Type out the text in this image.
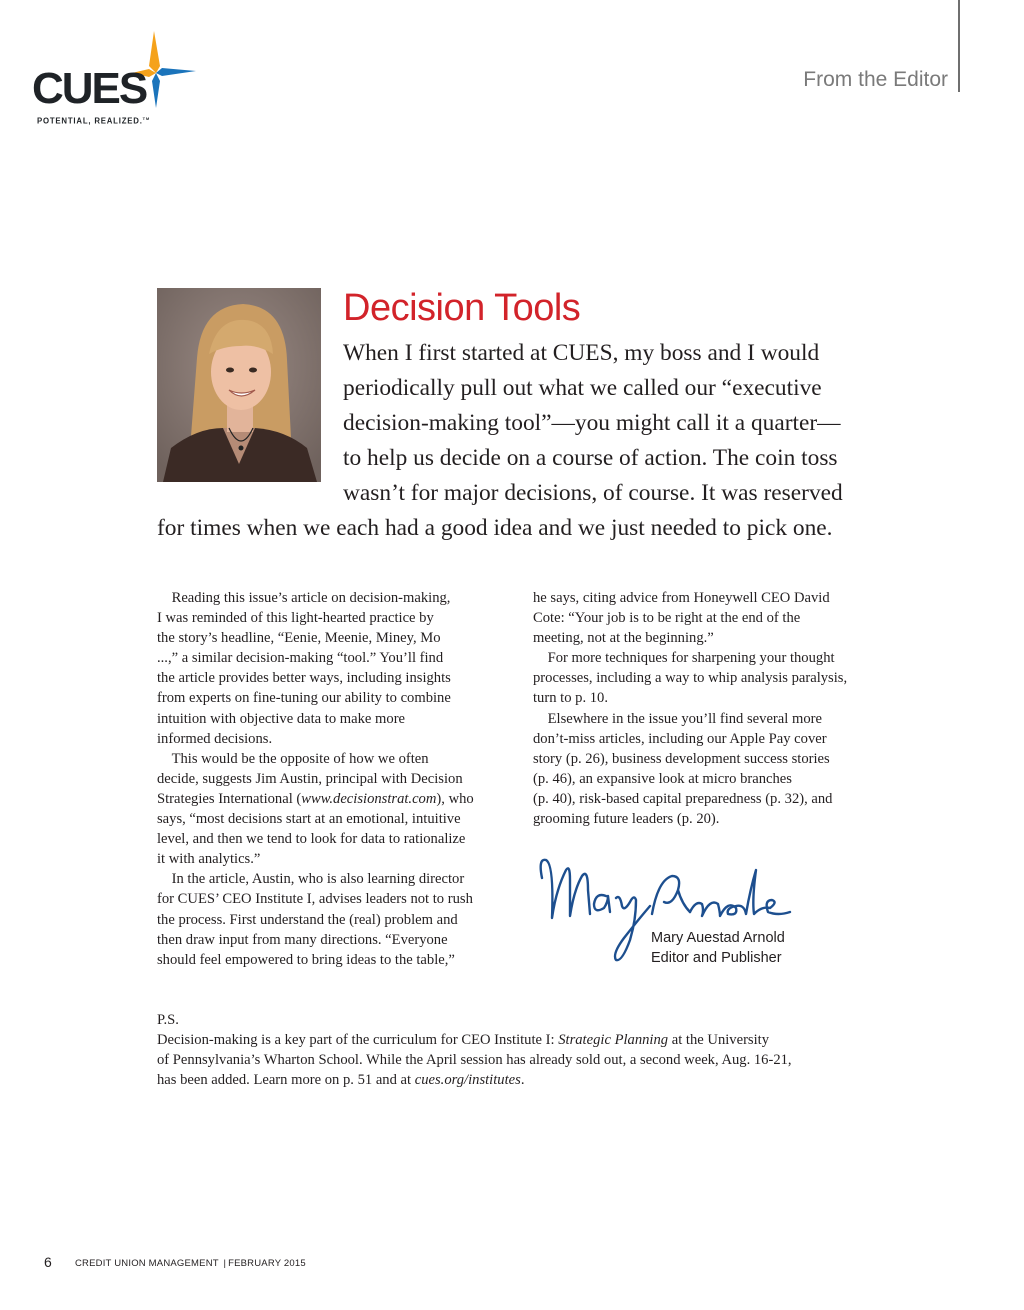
CUES
POTENTIAL, REALIZED.™
From the Editor
Decision Tools
When I first started at CUES, my boss and I would
periodically pull out what we called our “executive
decision-making tool”—you might call it a quarter—
to help us decide on a course of action. The coin toss
wasn’t for major decisions, of course. It was reserved
for times when we each had a good idea and we just needed to pick one.

 Reading this issue’s article on decision-making,

I was reminded of this light-hearted practice by

the story’s headline, “Eenie, Meenie, Miney, Mo

...,” a similar decision-making “tool.” You’ll find

the article provides better ways, including insights

from experts on fine-tuning our ability to combine

intuition with objective data to make more

informed decisions.

 This would be the opposite of how we often

decide, suggests Jim Austin, principal with Decision

Strategies International (www.decisionstrat.com), who

says, “most decisions start at an emotional, intuitive

level, and then we tend to look for data to rationalize

it with analytics.”

 In the article, Austin, who is also learning director

for CUES’ CEO Institute I, advises leaders not to rush

the process. First understand the (real) problem and

then draw input from many directions. “Everyone

should feel empowered to bring ideas to the table,”

he says, citing advice from Honeywell CEO David

Cote: “Your job is to be right at the end of the

meeting, not at the beginning.”

 For more techniques for sharpening your thought

processes, including a way to whip analysis paralysis,

turn to p. 10.

 Elsewhere in the issue you’ll find several more

don’t-miss articles, including our Apple Pay cover

story (p. 26), business development success stories

(p. 46), an expansive look at micro branches

(p. 40), risk-based capital preparedness (p. 32), and

grooming future leaders (p. 20).

Mary Auestad Arnold
Editor and Publisher

P.S.

Decision-making is a key part of the curriculum for CEO Institute I: Strategic Planning at the University

of Pennsylvania’s Wharton School. While the April session has already sold out, a second week, Aug. 16-21,

has been added. Learn more on p. 51 and at cues.org/institutes.

6 CREDIT UNION MANAGEMENT | FEBRUARY 2015
